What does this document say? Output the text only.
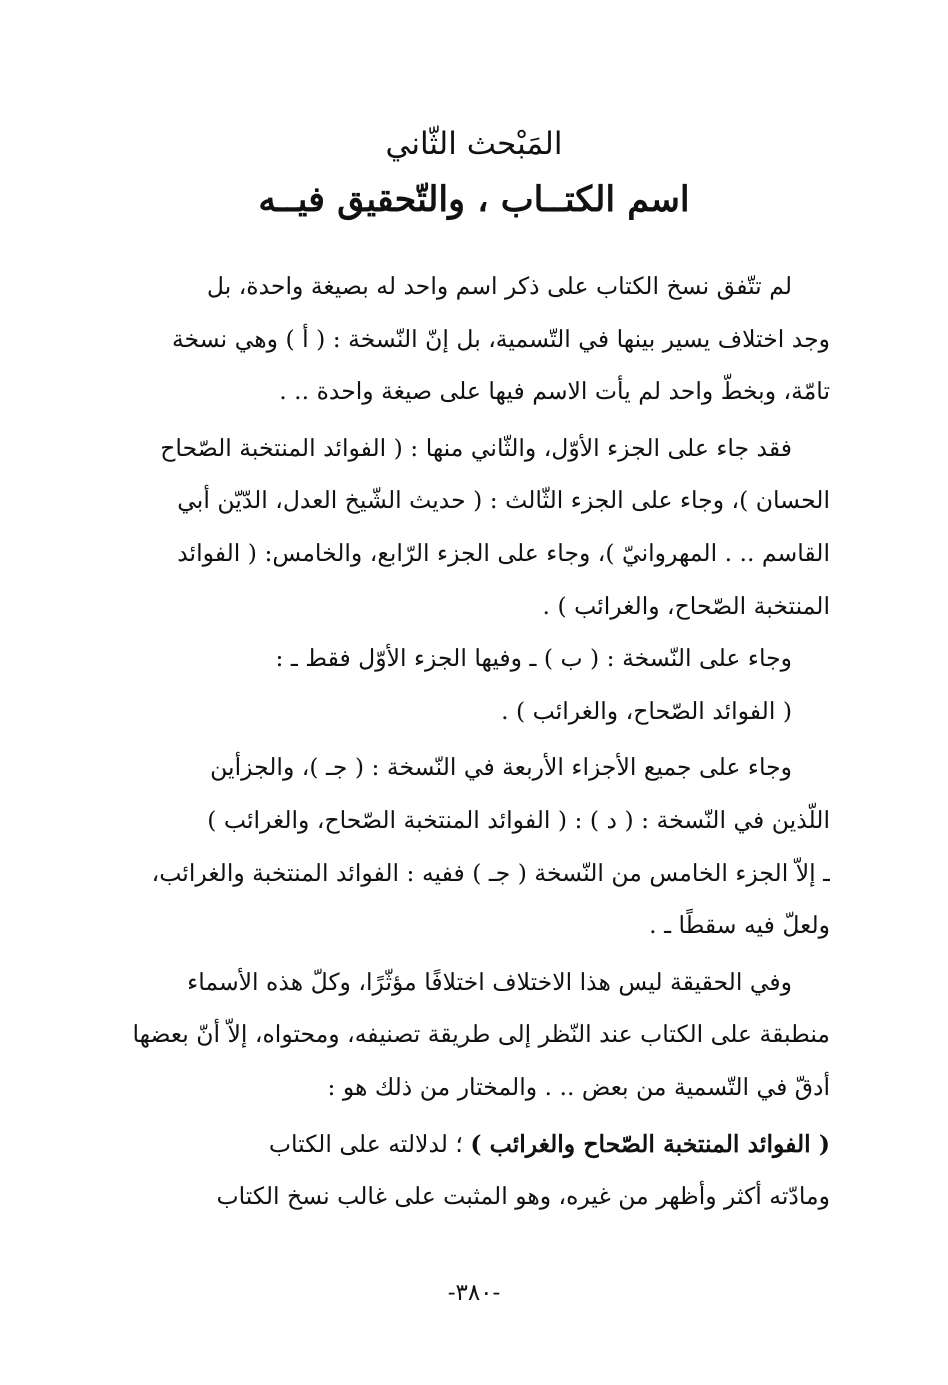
المَبْحث الثّاني
اسم الكتــاب ، والتّحقيق فيــه

لم تتّفق نسخ الكتاب على ذكر اسم واحد له بصيغة واحدة، بل
وجد اختلاف يسير بينها في التّسمية، بل إنّ النّسخة : ( أ ) وهي نسخة
تامّة، وبخطّ واحد لم يأت الاسم فيها على صيغة واحدة .. .

فقد جاء على الجزء الأوّل، والثّاني منها : ( الفوائد المنتخبة الصّحاح
الحسان )، وجاء على الجزء الثّالث : ( حديث الشّيخ العدل، الدّيّن أبي
القاسم .. . المهروانيّ )، وجاء على الجزء الرّابع، والخامس: ( الفوائد
المنتخبة الصّحاح، والغرائب ) .

وجاء على النّسخة : ( ب ) ـ وفيها الجزء الأوّل فقط ـ :
( الفوائد الصّحاح، والغرائب ) .

وجاء على جميع الأجزاء الأربعة في النّسخة : ( جـ )، والجزأين
اللّذين في النّسخة : ( د ) : ( الفوائد المنتخبة الصّحاح، والغرائب )
ـ إلاّ الجزء الخامس من النّسخة ( جـ ) ففيه : الفوائد المنتخبة والغرائب،
ولعلّ فيه سقطًا ـ .

وفي الحقيقة ليس هذا الاختلاف اختلافًا مؤثّرًا، وكلّ هذه الأسماء
منطبقة على الكتاب عند النّظر إلى طريقة تصنيفه، ومحتواه، إلاّ أنّ بعضها
أدقّ في التّسمية من بعض .. . والمختار من ذلك هو :

( الفوائد المنتخبة الصّحاح والغرائب ) ؛ لدلالته على الكتاب
ومادّته أكثر وأظهر من غيره، وهو المثبت على غالب نسخ الكتاب

-٣٨٠-
